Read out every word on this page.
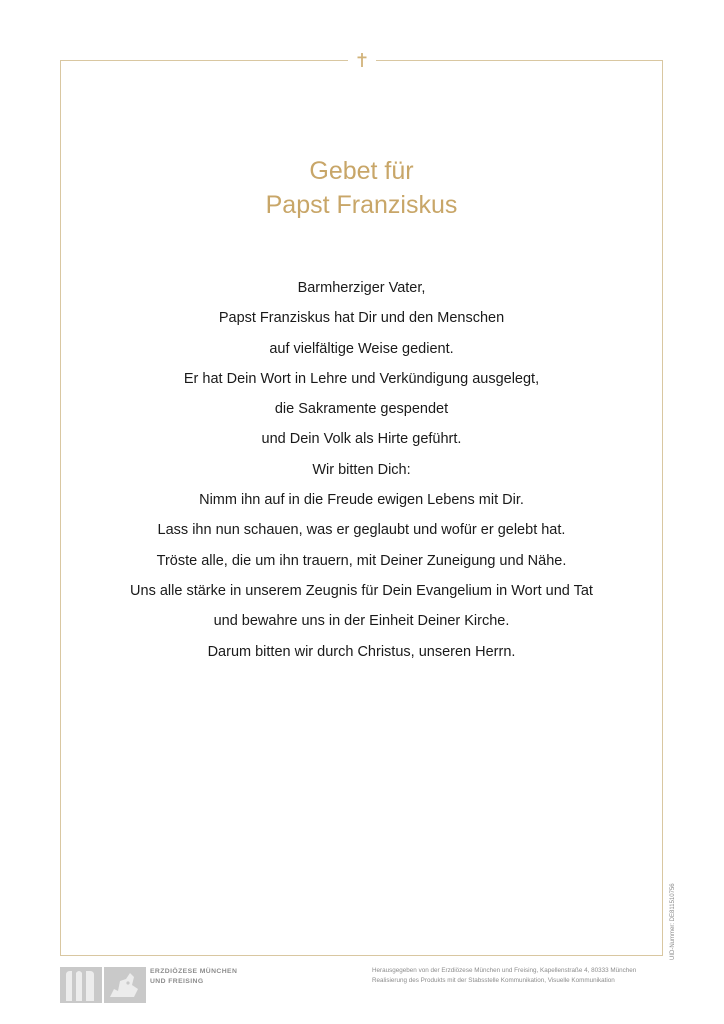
Gebet für
Papst Franziskus
Barmherziger Vater,
Papst Franziskus hat Dir und den Menschen
auf vielfältige Weise gedient.
Er hat Dein Wort in Lehre und Verkündigung ausgelegt,
die Sakramente gespendet
und Dein Volk als Hirte geführt.
Wir bitten Dich:
Nimm ihn auf in die Freude ewigen Lebens mit Dir.
Lass ihn nun schauen, was er geglaubt und wofür er gelebt hat.
Tröste alle, die um ihn trauern, mit Deiner Zuneigung und Nähe.
Uns alle stärke in unserem Zeugnis für Dein Evangelium in Wort und Tat
und bewahre uns in der Einheit Deiner Kirche.
Darum bitten wir durch Christus, unseren Herrn.
UID-Nummer: DE811510756
ERZDIÖZESE MÜNCHEN
UND FREISING
Herausgegeben von der Erzdiözese München und Freising, Kapellenstraße 4, 80333 München
Realisierung des Produkts mit der Stabsstelle Kommunikation, Visuelle Kommunikation
